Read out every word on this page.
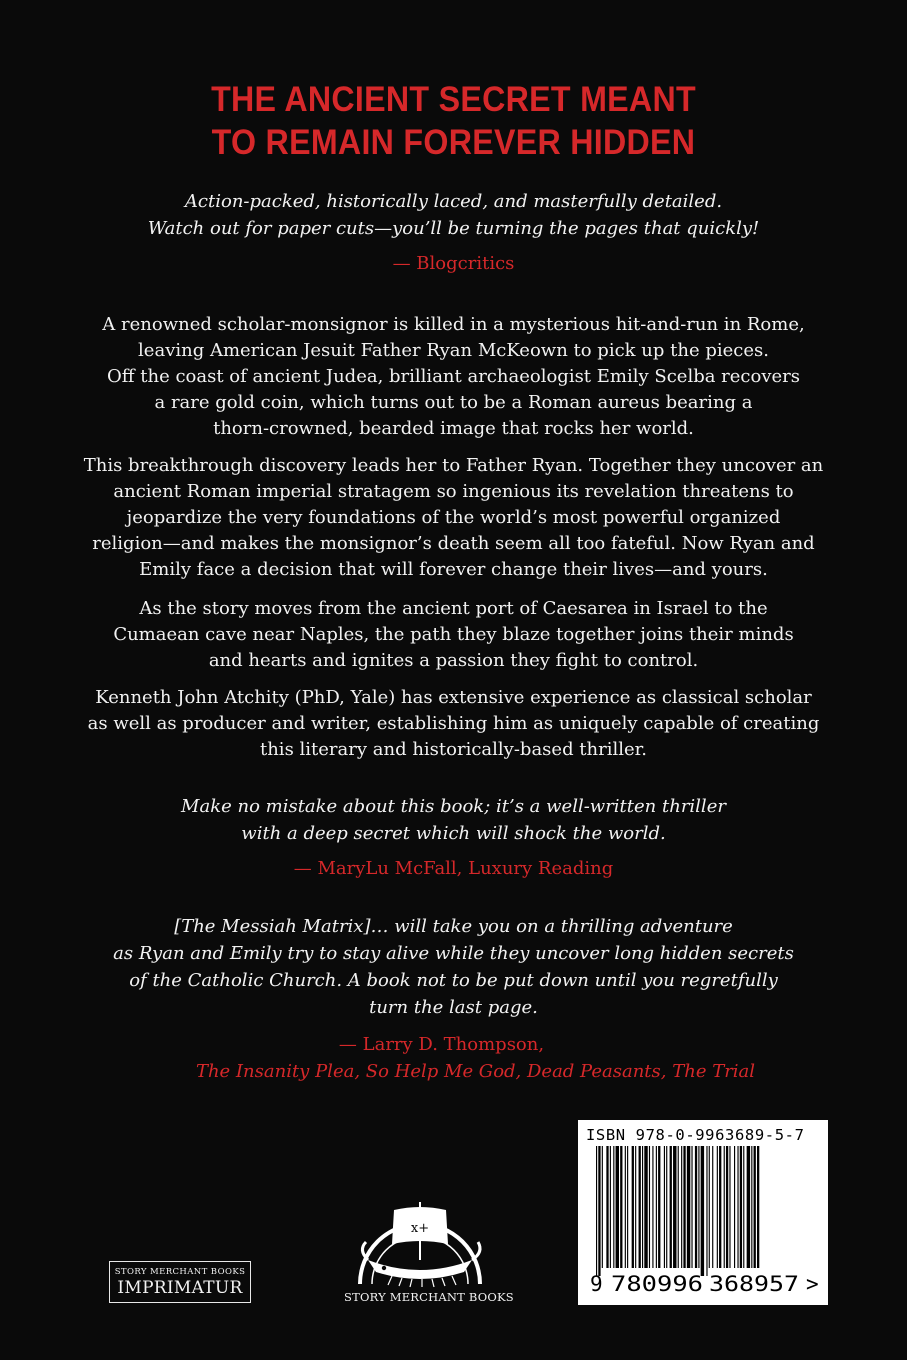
THE ANCIENT SECRET MEANT
TO REMAIN FOREVER HIDDEN
Action-packed, historically laced, and masterfully detailed.
Watch out for paper cuts—you’ll be turning the pages that quickly!
— Blogcritics
A renowned scholar-monsignor is killed in a mysterious hit-and-run in Rome,
leaving American Jesuit Father Ryan McKeown to pick up the pieces.
Off the coast of ancient Judea, brilliant archaeologist Emily Scelba recovers
a rare gold coin, which turns out to be a Roman aureus bearing a
thorn-crowned, bearded image that rocks her world.
This breakthrough discovery leads her to Father Ryan. Together they uncover an
ancient Roman imperial stratagem so ingenious its revelation threatens to
jeopardize the very foundations of the world’s most powerful organized
religion—and makes the monsignor’s death seem all too fateful. Now Ryan and
Emily face a decision that will forever change their lives—and yours.
As the story moves from the ancient port of Caesarea in Israel to the
Cumaean cave near Naples, the path they blaze together joins their minds
and hearts and ignites a passion they fight to control.
Kenneth John Atchity (PhD, Yale) has extensive experience as classical scholar
as well as producer and writer, establishing him as uniquely capable of creating
this literary and historically-based thriller.
Make no mistake about this book; it’s a well-written thriller
with a deep secret which will shock the world.
— MaryLu McFall, Luxury Reading
[The Messiah Matrix]… will take you on a thrilling adventure
as Ryan and Emily try to stay alive while they uncover long hidden secrets
of the Catholic Church. A book not to be put down until you regretfully
turn the last page.
— Larry D. Thompson,
The Insanity Plea, So Help Me God, Dead Peasants, The Trial
STORY MERCHANT BOOKS
IMPRIMATUR
x+
STORY MERCHANT BOOKS
ISBN 978-0-9963689-5-7
9 780996 368957 >
